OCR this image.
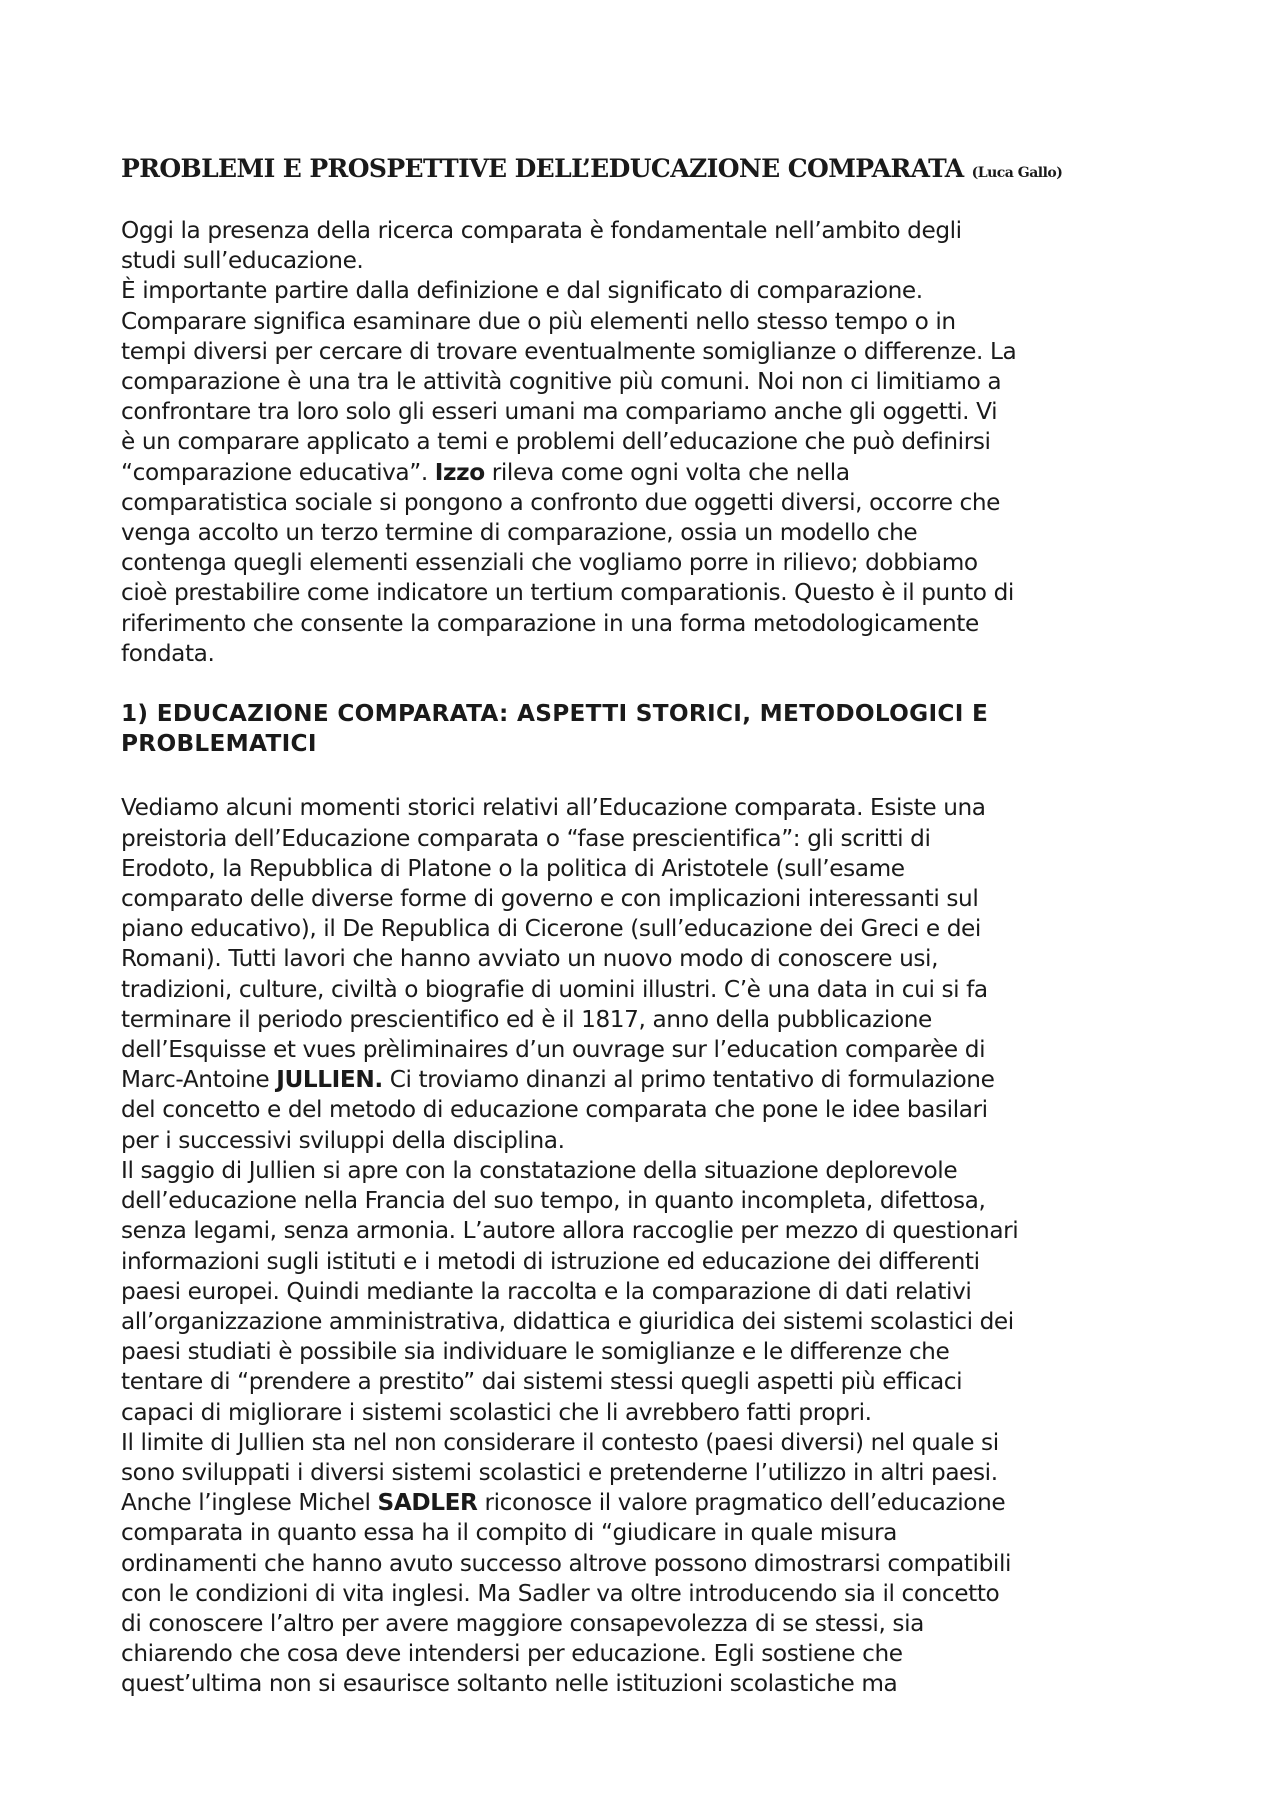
PROBLEMI E PROSPETTIVE DELL’EDUCAZIONE COMPARATA (Luca Gallo)

Oggi la presenza della ricerca comparata è fondamentale nell’ambito degli
studi sull’educazione.
È importante partire dalla definizione e dal significato di comparazione.
Comparare significa esaminare due o più elementi nello stesso tempo o in
tempi diversi per cercare di trovare eventualmente somiglianze o differenze. La
comparazione è una tra le attività cognitive più comuni. Noi non ci limitiamo a
confrontare tra loro solo gli esseri umani ma compariamo anche gli oggetti. Vi
è un comparare applicato a temi e problemi dell’educazione che può definirsi
“comparazione educativa”. Izzo rileva come ogni volta che nella
comparatistica sociale si pongono a confronto due oggetti diversi, occorre che
venga accolto un terzo termine di comparazione, ossia un modello che
contenga quegli elementi essenziali che vogliamo porre in rilievo; dobbiamo
cioè prestabilire come indicatore un tertium comparationis. Questo è il punto di
riferimento che consente la comparazione in una forma metodologicamente
fondata.

1) EDUCAZIONE COMPARATA: ASPETTI STORICI, METODOLOGICI E
PROBLEMATICI

Vediamo alcuni momenti storici relativi all’Educazione comparata. Esiste una
preistoria dell’Educazione comparata o “fase prescientifica”: gli scritti di
Erodoto, la Repubblica di Platone o la politica di Aristotele (sull’esame
comparato delle diverse forme di governo e con implicazioni interessanti sul
piano educativo), il De Republica di Cicerone (sull’educazione dei Greci e dei
Romani). Tutti lavori che hanno avviato un nuovo modo di conoscere usi,
tradizioni, culture, civiltà o biografie di uomini illustri. C’è una data in cui si fa
terminare il periodo prescientifico ed è il 1817, anno della pubblicazione
dell’Esquisse et vues prèliminaires d’un ouvrage sur l’education comparèe di
Marc-Antoine JULLIEN. Ci troviamo dinanzi al primo tentativo di formulazione
del concetto e del metodo di educazione comparata che pone le idee basilari
per i successivi sviluppi della disciplina.
Il saggio di Jullien si apre con la constatazione della situazione deplorevole
dell’educazione nella Francia del suo tempo, in quanto incompleta, difettosa,
senza legami, senza armonia. L’autore allora raccoglie per mezzo di questionari
informazioni sugli istituti e i metodi di istruzione ed educazione dei differenti
paesi europei. Quindi mediante la raccolta e la comparazione di dati relativi
all’organizzazione amministrativa, didattica e giuridica dei sistemi scolastici dei
paesi studiati è possibile sia individuare le somiglianze e le differenze che
tentare di “prendere a prestito” dai sistemi stessi quegli aspetti più efficaci
capaci di migliorare i sistemi scolastici che li avrebbero fatti propri.
Il limite di Jullien sta nel non considerare il contesto (paesi diversi) nel quale si
sono sviluppati i diversi sistemi scolastici e pretenderne l’utilizzo in altri paesi.
Anche l’inglese Michel SADLER riconosce il valore pragmatico dell’educazione
comparata in quanto essa ha il compito di “giudicare in quale misura
ordinamenti che hanno avuto successo altrove possono dimostrarsi compatibili
con le condizioni di vita inglesi. Ma Sadler va oltre introducendo sia il concetto
di conoscere l’altro per avere maggiore consapevolezza di se stessi, sia
chiarendo che cosa deve intendersi per educazione. Egli sostiene che
quest’ultima non si esaurisce soltanto nelle istituzioni scolastiche ma
